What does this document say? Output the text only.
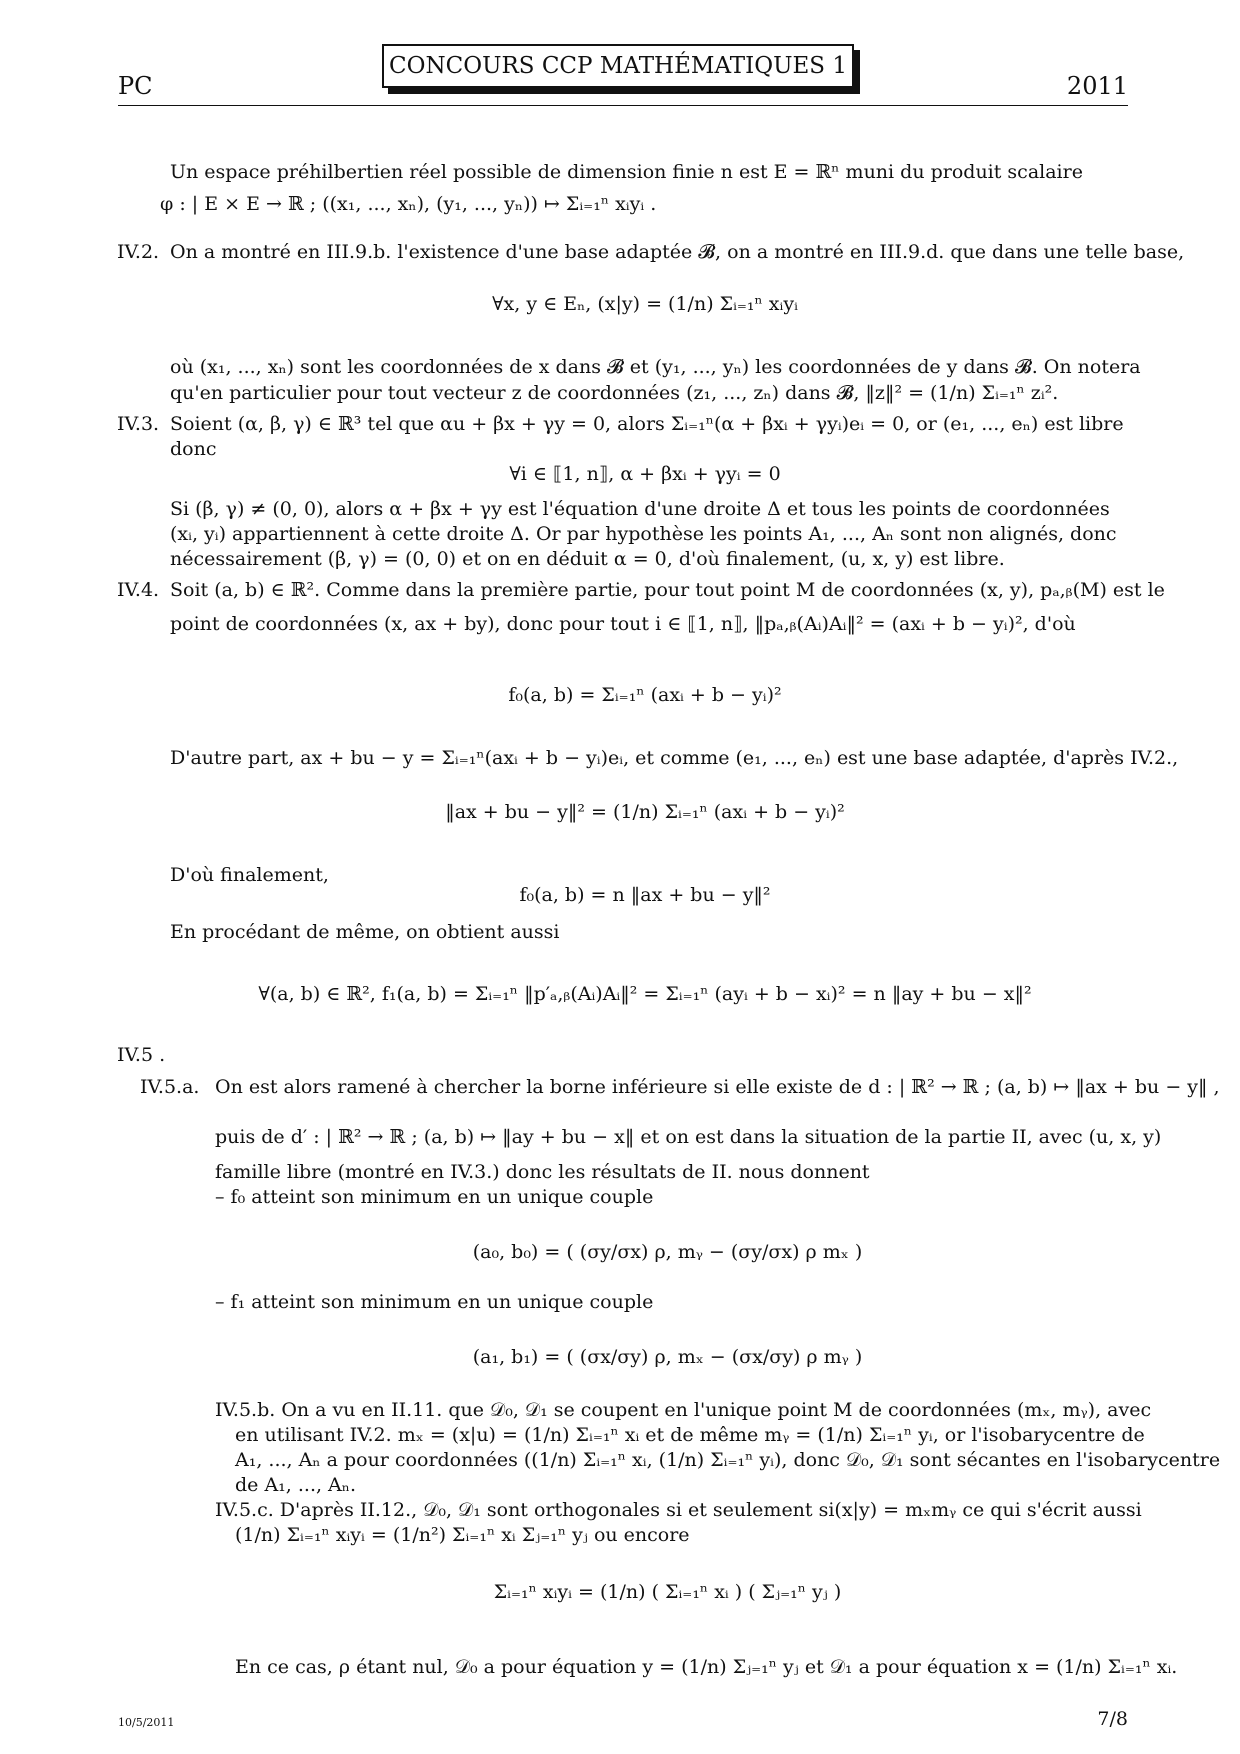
CONCOURS CCP MATHÉMATIQUES 1
PC	2011
Un espace préhilbertien réel possible de dimension finie n est E = ℝⁿ muni du produit scalaire
φ : | E × E → ℝ ; ((x₁, ..., xₙ), (y₁, ..., yₙ)) ↦ Σᵢ₌₁ⁿ xᵢyᵢ .
IV.2. On a montré en III.9.b. l'existence d'une base adaptée 𝓑, on a montré en III.9.d. que dans une telle base,
∀x, y ∈ Eₙ, (x|y) = (1/n) Σᵢ₌₁ⁿ xᵢyᵢ
où (x₁, ..., xₙ) sont les coordonnées de x dans 𝓑 et (y₁, ..., yₙ) les coordonnées de y dans 𝓑. On notera
qu'en particulier pour tout vecteur z de coordonnées (z₁, ..., zₙ) dans 𝓑, ‖z‖² = (1/n) Σᵢ₌₁ⁿ zᵢ².
IV.3. Soient (α, β, γ) ∈ ℝ³ tel que αu + βx + γy = 0, alors Σᵢ₌₁ⁿ(α + βxᵢ + γyᵢ)eᵢ = 0, or (e₁, ..., eₙ) est libre
donc
∀i ∈ ⟦1, n⟧, α + βxᵢ + γyᵢ = 0
Si (β, γ) ≠ (0, 0), alors α + βx + γy est l'équation d'une droite Δ et tous les points de coordonnées
(xᵢ, yᵢ) appartiennent à cette droite Δ. Or par hypothèse les points A₁, ..., Aₙ sont non alignés, donc
nécessairement (β, γ) = (0, 0) et on en déduit α = 0, d'où finalement, (u, x, y) est libre.
IV.4. Soit (a, b) ∈ ℝ². Comme dans la première partie, pour tout point M de coordonnées (x, y), pₐ,ᵦ(M) est le
point de coordonnées (x, ax + by), donc pour tout i ∈ ⟦1, n⟧, ‖pₐ,ᵦ(Aᵢ)Aᵢ‖² = (axᵢ + b − yᵢ)², d'où
f₀(a, b) = Σᵢ₌₁ⁿ (axᵢ + b − yᵢ)²
D'autre part, ax + bu − y = Σᵢ₌₁ⁿ(axᵢ + b − yᵢ)eᵢ, et comme (e₁, ..., eₙ) est une base adaptée, d'après IV.2.,
‖ax + bu − y‖² = (1/n) Σᵢ₌₁ⁿ (axᵢ + b − yᵢ)²
D'où finalement,
f₀(a, b) = n ‖ax + bu − y‖²
En procédant de même, on obtient aussi
∀(a, b) ∈ ℝ², f₁(a, b) = Σᵢ₌₁ⁿ ‖p′ₐ,ᵦ(Aᵢ)Aᵢ‖² = Σᵢ₌₁ⁿ (ayᵢ + b − xᵢ)² = n ‖ay + bu − x‖²
IV.5 .
IV.5.a. On est alors ramené à chercher la borne inférieure si elle existe de d : | ℝ² → ℝ ; (a, b) ↦ ‖ax + bu − y‖ ,
puis de d′ : | ℝ² → ℝ ; (a, b) ↦ ‖ay + bu − x‖ et on est dans la situation de la partie II, avec (u, x, y)
famille libre (montré en IV.3.) donc les résultats de II. nous donnent
– f₀ atteint son minimum en un unique couple
(a₀, b₀) = ( (σy/σx) ρ, mᵧ − (σy/σx) ρ mₓ )
– f₁ atteint son minimum en un unique couple
(a₁, b₁) = ( (σx/σy) ρ, mₓ − (σx/σy) ρ mᵧ )
IV.5.b. On a vu en II.11. que 𝒟₀, 𝒟₁ se coupent en l'unique point M de coordonnées (mₓ, mᵧ), avec
en utilisant IV.2. mₓ = (x|u) = (1/n) Σᵢ₌₁ⁿ xᵢ et de même mᵧ = (1/n) Σᵢ₌₁ⁿ yᵢ, or l'isobarycentre de
A₁, ..., Aₙ a pour coordonnées ((1/n) Σᵢ₌₁ⁿ xᵢ, (1/n) Σᵢ₌₁ⁿ yᵢ), donc 𝒟₀, 𝒟₁ sont sécantes en l'isobarycentre
de A₁, ..., Aₙ.
IV.5.c. D'après II.12., 𝒟₀, 𝒟₁ sont orthogonales si et seulement si(x|y) = mₓmᵧ ce qui s'écrit aussi
(1/n) Σᵢ₌₁ⁿ xᵢyᵢ = (1/n²) Σᵢ₌₁ⁿ xᵢ Σⱼ₌₁ⁿ yⱼ ou encore
Σᵢ₌₁ⁿ xᵢyᵢ = (1/n) ( Σᵢ₌₁ⁿ xᵢ ) ( Σⱼ₌₁ⁿ yⱼ )
En ce cas, ρ étant nul, 𝒟₀ a pour équation y = (1/n) Σⱼ₌₁ⁿ yⱼ et 𝒟₁ a pour équation x = (1/n) Σᵢ₌₁ⁿ xᵢ.
10/5/2011	7/8
